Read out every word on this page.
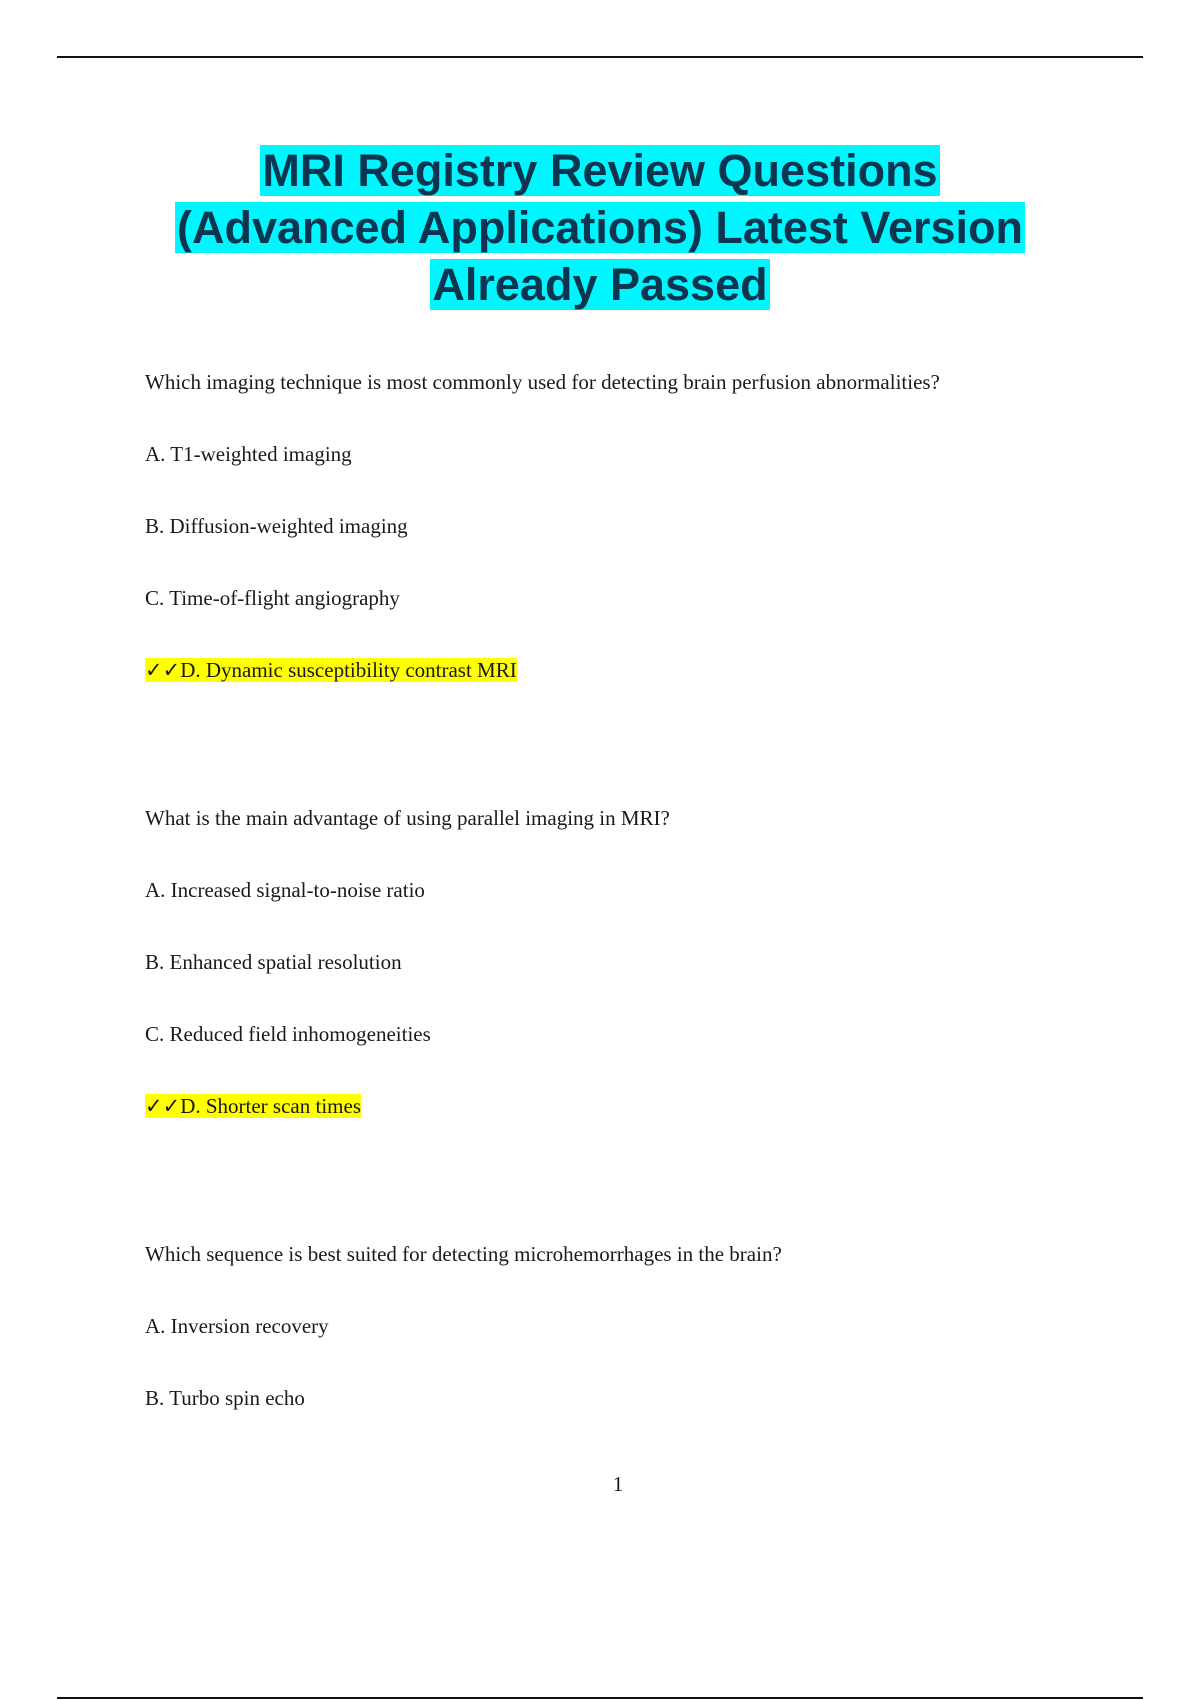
MRI Registry Review Questions
(Advanced Applications) Latest Version
Already Passed

Which imaging technique is most commonly used for detecting brain perfusion abnormalities?

A. T1-weighted imaging

B. Diffusion-weighted imaging

C. Time-of-flight angiography

✓✓D. Dynamic susceptibility contrast MRI

What is the main advantage of using parallel imaging in MRI?

A. Increased signal-to-noise ratio

B. Enhanced spatial resolution

C. Reduced field inhomogeneities

✓✓D. Shorter scan times

Which sequence is best suited for detecting microhemorrhages in the brain?

A. Inversion recovery

B. Turbo spin echo

1
